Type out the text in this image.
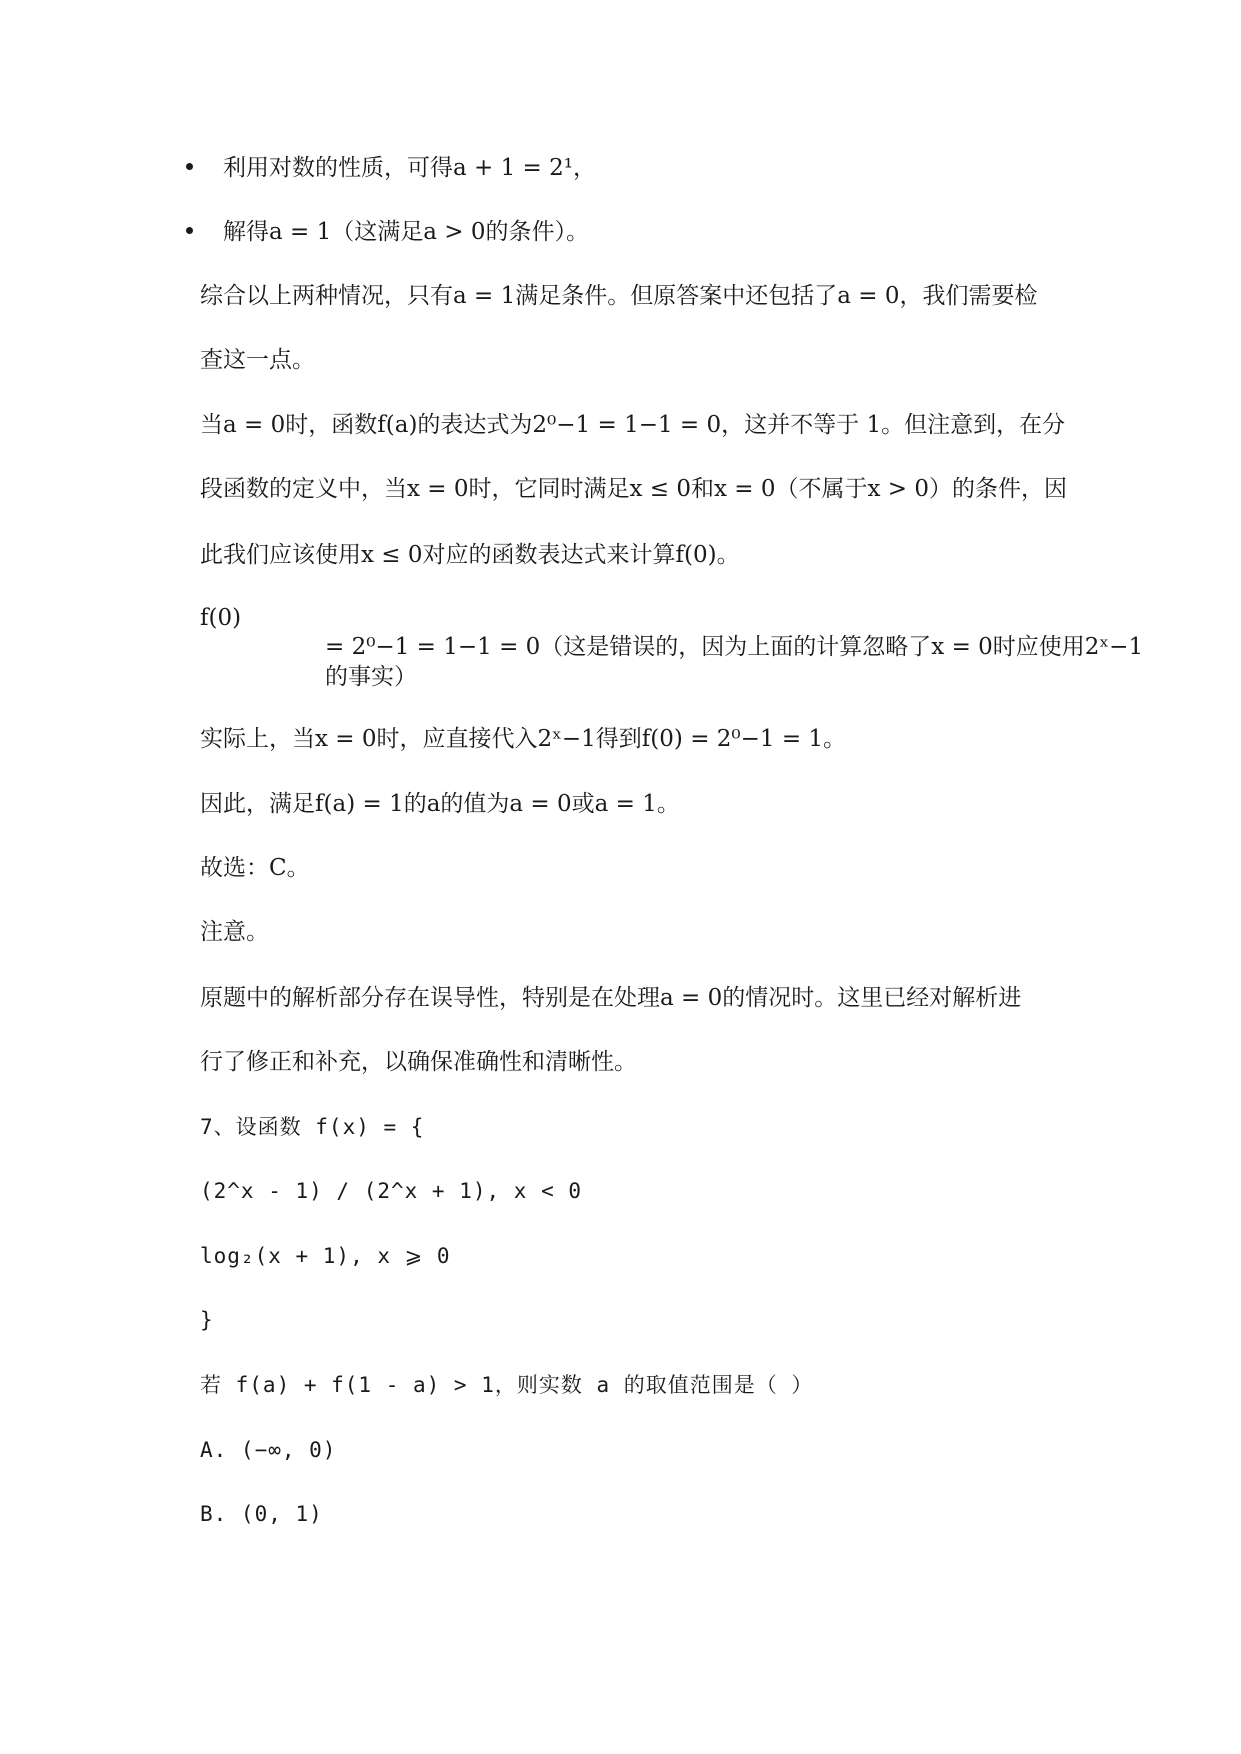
利用对数的性质，可得a + 1 = 2¹，
解得a = 1（这满足a > 0的条件）。
综合以上两种情况，只有a = 1满足条件。但原答案中还包括了a = 0，我们需要检
查这一点。
当a = 0时，函数f(a)的表达式为2⁰−1 = 1−1 = 0，这并不等于 1。但注意到，在分
段函数的定义中，当x = 0时，它同时满足x ≤ 0和x = 0（不属于x > 0）的条件，因
此我们应该使用x ≤ 0对应的函数表达式来计算f(0)。
f(0)
= 2⁰−1 = 1−1 = 0（这是错误的，因为上面的计算忽略了x = 0时应使用2ˣ−1
的事实）
实际上，当x = 0时，应直接代入2ˣ−1得到f(0) = 2⁰−1 = 1。
因此，满足f(a) = 1的a的值为a = 0或a = 1。
故选：C。
注意。
原题中的解析部分存在误导性，特别是在处理a = 0的情况时。这里已经对解析进
行了修正和补充，以确保准确性和清晰性。
7、设函数 f(x) = {
(2^x - 1) / (2^x + 1), x < 0
log₂(x + 1), x ⩾ 0
}
若 f(a) + f(1 - a) > 1，则实数 a 的取值范围是（ ）
A. (−∞, 0)
B. (0, 1)
